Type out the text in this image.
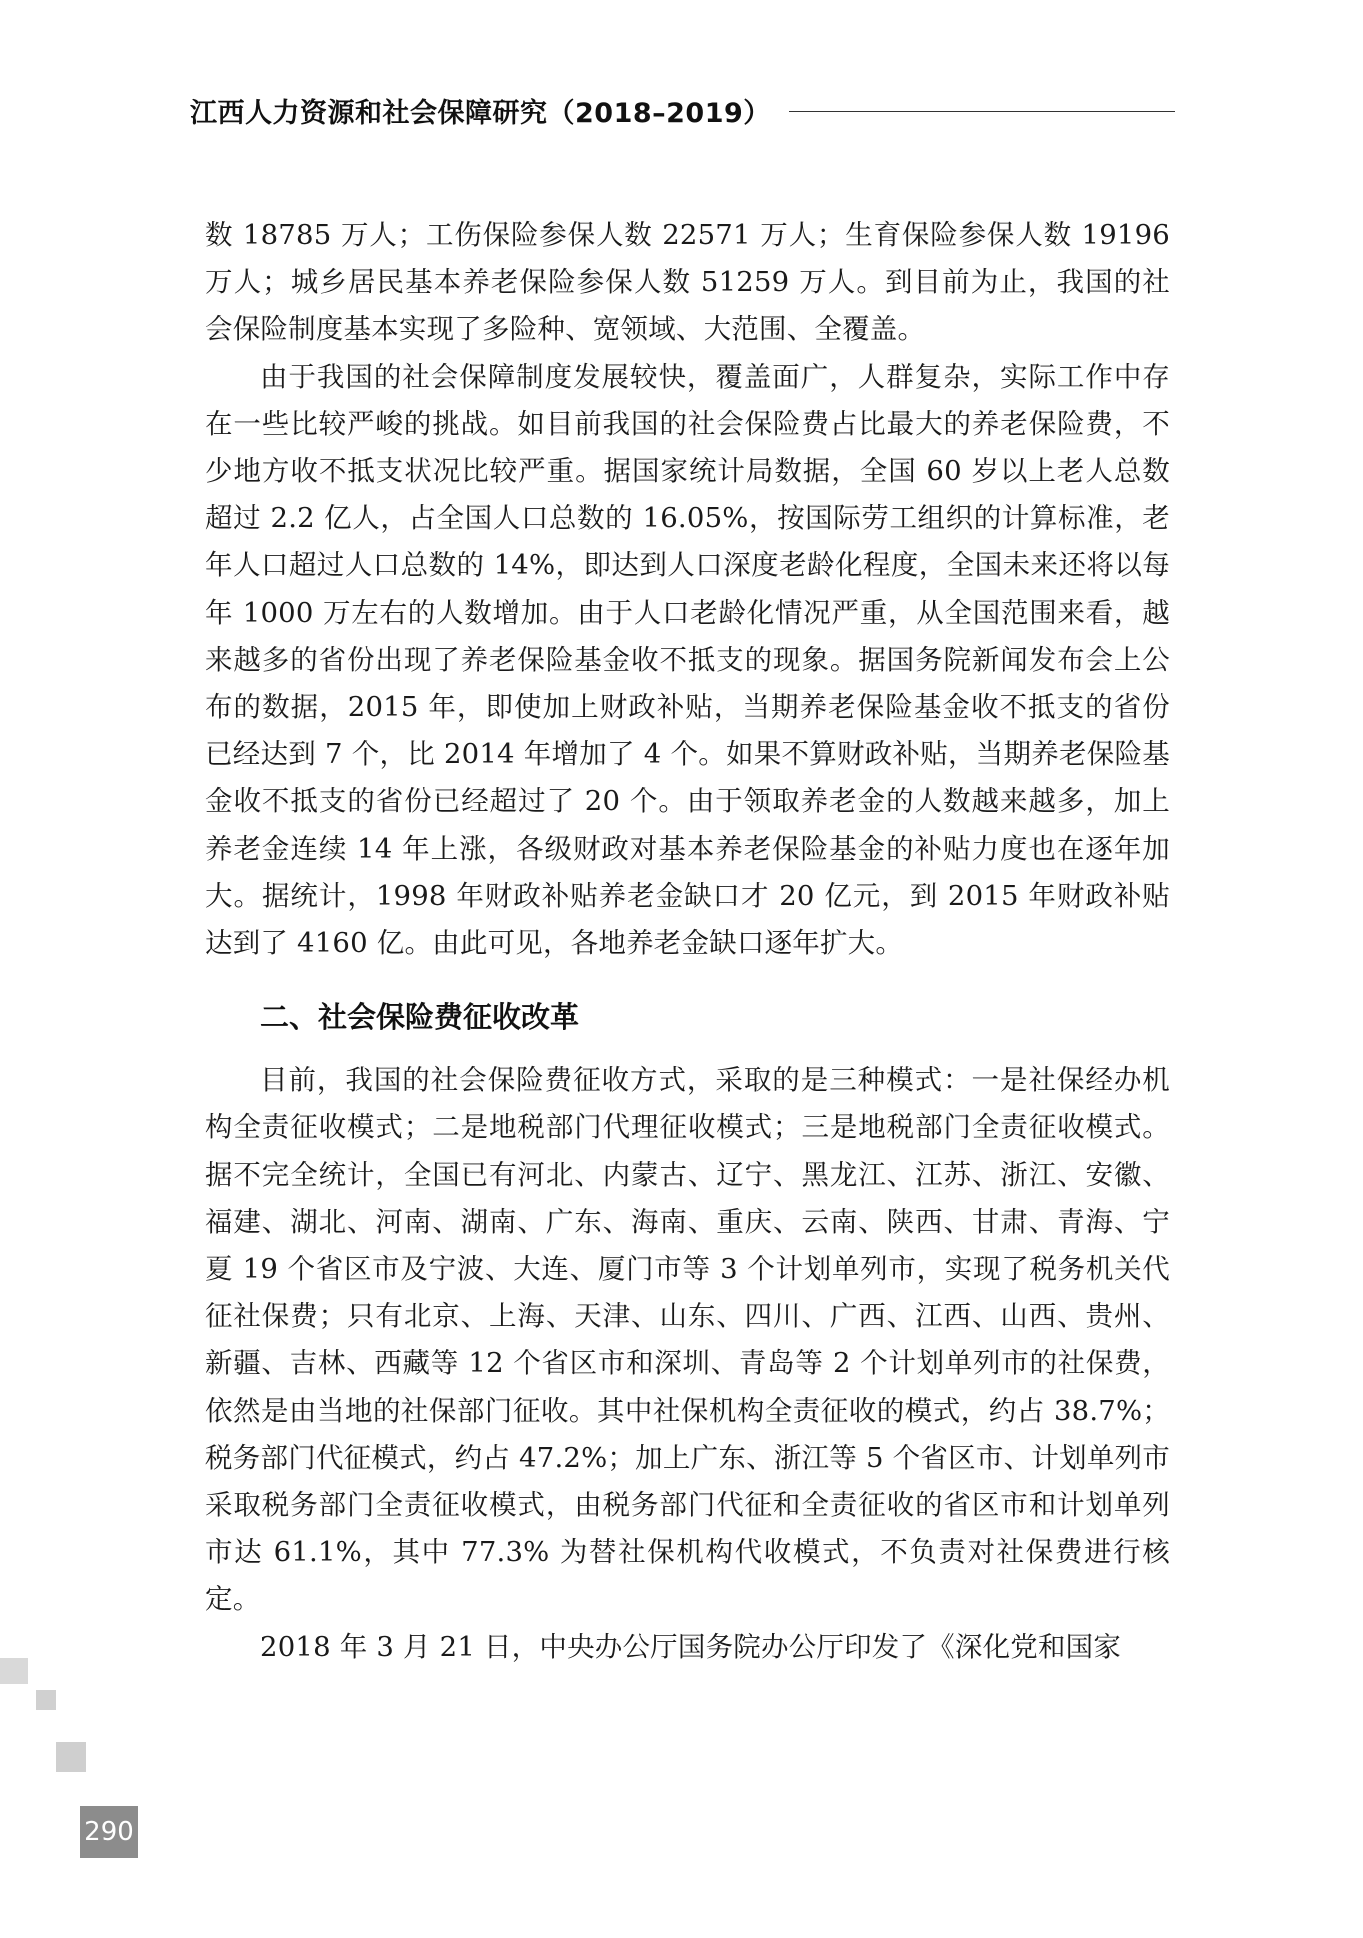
江西人力资源和社会保障研究（2018–2019）

数 18785 万人；工伤保险参保人数 22571 万人；生育保险参保人数 19196 万人；城乡居民基本养老保险参保人数 51259 万人。到目前为止，我国的社会保险制度基本实现了多险种、宽领域、大范围、全覆盖。

由于我国的社会保障制度发展较快，覆盖面广，人群复杂，实际工作中存在一些比较严峻的挑战。如目前我国的社会保险费占比最大的养老保险费，不少地方收不抵支状况比较严重。据国家统计局数据，全国 60 岁以上老人总数超过 2.2 亿人，占全国人口总数的 16.05%，按国际劳工组织的计算标准，老年人口超过人口总数的 14%，即达到人口深度老龄化程度，全国未来还将以每年 1000 万左右的人数增加。由于人口老龄化情况严重，从全国范围来看，越来越多的省份出现了养老保险基金收不抵支的现象。据国务院新闻发布会上公布的数据，2015 年，即使加上财政补贴，当期养老保险基金收不抵支的省份已经达到 7 个，比 2014 年增加了 4 个。如果不算财政补贴，当期养老保险基金收不抵支的省份已经超过了 20 个。由于领取养老金的人数越来越多，加上养老金连续 14 年上涨，各级财政对基本养老保险基金的补贴力度也在逐年加大。据统计，1998 年财政补贴养老金缺口才 20 亿元，到 2015 年财政补贴达到了 4160 亿。由此可见，各地养老金缺口逐年扩大。

二、社会保险费征收改革

目前，我国的社会保险费征收方式，采取的是三种模式：一是社保经办机构全责征收模式；二是地税部门代理征收模式；三是地税部门全责征收模式。据不完全统计，全国已有河北、内蒙古、辽宁、黑龙江、江苏、浙江、安徽、福建、湖北、河南、湖南、广东、海南、重庆、云南、陕西、甘肃、青海、宁夏 19 个省区市及宁波、大连、厦门市等 3 个计划单列市，实现了税务机关代征社保费；只有北京、上海、天津、山东、四川、广西、江西、山西、贵州、新疆、吉林、西藏等 12 个省区市和深圳、青岛等 2 个计划单列市的社保费，依然是由当地的社保部门征收。其中社保机构全责征收的模式，约占 38.7%；税务部门代征模式，约占 47.2%；加上广东、浙江等 5 个省区市、计划单列市采取税务部门全责征收模式，由税务部门代征和全责征收的省区市和计划单列市达 61.1%，其中 77.3% 为替社保机构代收模式，不负责对社保费进行核定。

2018 年 3 月 21 日，中央办公厅国务院办公厅印发了《深化党和国家

290
